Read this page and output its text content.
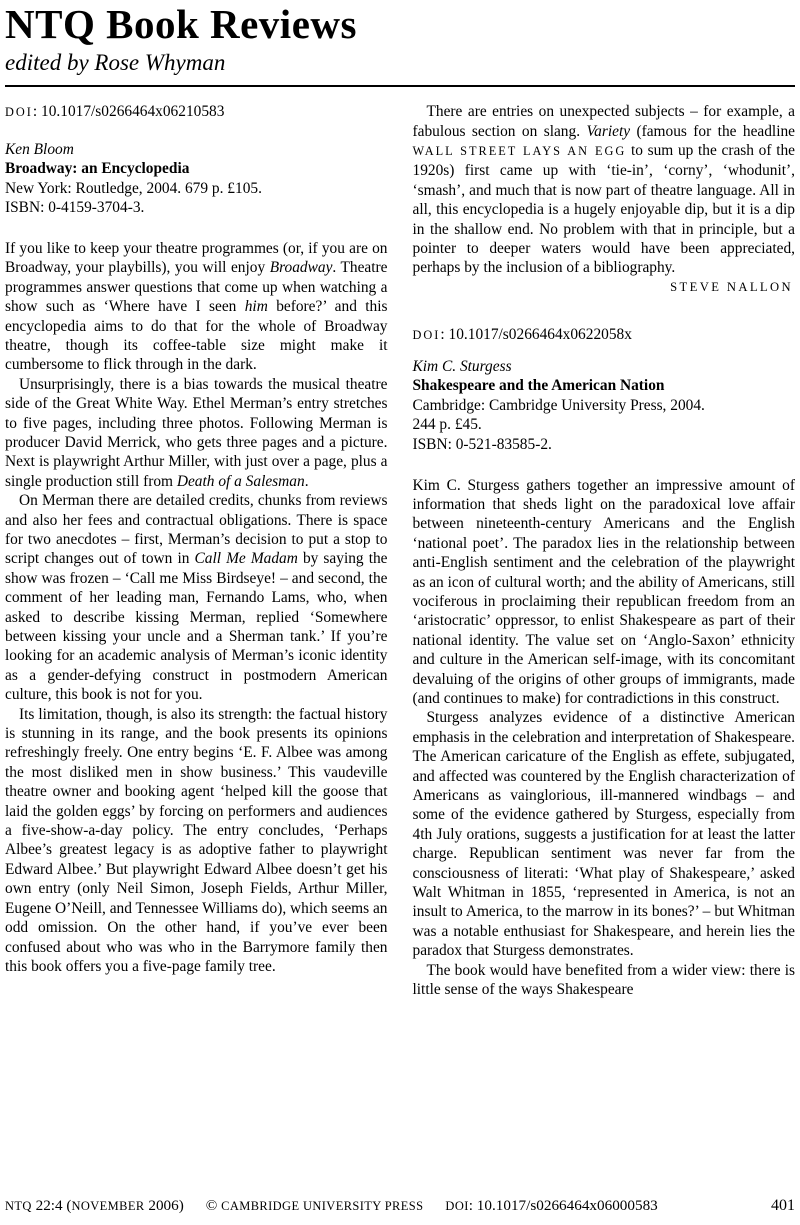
NTQ Book Reviews
edited by Rose Whyman
DOI: 10.1017/s0266464x06210583
Ken Bloom
Broadway: an Encyclopedia
New York: Routledge, 2004. 679 p. £105.
ISBN: 0-4159-3704-3.

If you like to keep your theatre programmes (or, if you are on Broadway, your playbills), you will enjoy Broadway. Theatre programmes answer questions that come up when watching a show such as ‘Where have I seen him before?’ and this encyclopedia aims to do that for the whole of Broadway theatre, though its coffee-table size might make it cumbersome to flick through in the dark.

Unsurprisingly, there is a bias towards the musical theatre side of the Great White Way. Ethel Merman’s entry stretches to five pages, including three photos. Following Merman is producer David Merrick, who gets three pages and a picture. Next is playwright Arthur Miller, with just over a page, plus a single production still from Death of a Salesman.

On Merman there are detailed credits, chunks from reviews and also her fees and contractual obligations. There is space for two anecdotes – first, Merman’s decision to put a stop to script changes out of town in Call Me Madam by saying the show was frozen – ‘Call me Miss Birdseye! – and second, the comment of her leading man, Fernando Lams, who, when asked to describe kissing Merman, replied ‘Somewhere between kissing your uncle and a Sherman tank.’ If you’re looking for an academic analysis of Merman’s iconic identity as a gender-defying construct in postmodern American culture, this book is not for you.

Its limitation, though, is also its strength: the factual history is stunning in its range, and the book presents its opinions refreshingly freely. One entry begins ‘E. F. Albee was among the most disliked men in show business.’ This vaudeville theatre owner and booking agent ‘helped kill the goose that laid the golden eggs’ by forcing on performers and audiences a five-show-a-day policy. The entry concludes, ‘Perhaps Albee’s greatest legacy is as adoptive father to playwright Edward Albee.’ But playwright Edward Albee doesn’t get his own entry (only Neil Simon, Joseph Fields, Arthur Miller, Eugene O’Neill, and Tennessee Williams do), which seems an odd omission. On the other hand, if you’ve ever been confused about who was who in the Barrymore family then this book offers you a five-page family tree.

There are entries on unexpected subjects – for example, a fabulous section on slang. Variety (famous for the headline WALL STREET LAYS AN EGG to sum up the crash of the 1920s) first came up with ‘tie-in’, ‘corny’, ‘whodunit’, ‘smash’, and much that is now part of theatre language. All in all, this encyclopedia is a hugely enjoyable dip, but it is a dip in the shallow end. No problem with that in principle, but a pointer to deeper waters would have been appreciated, perhaps by the inclusion of a bibliography.

STEVE NALLON
DOI: 10.1017/s0266464x0622058x
Kim C. Sturgess
Shakespeare and the American Nation
Cambridge: Cambridge University Press, 2004.
244 p. £45.
ISBN: 0-521-83585-2.

Kim C. Sturgess gathers together an impressive amount of information that sheds light on the paradoxical love affair between nineteenth-century Americans and the English ‘national poet’. The paradox lies in the relationship between anti-English sentiment and the celebration of the playwright as an icon of cultural worth; and the ability of Americans, still vociferous in proclaiming their republican freedom from an ‘aristocratic’ oppressor, to enlist Shakespeare as part of their national identity. The value set on ‘Anglo-Saxon’ ethnicity and culture in the American self-image, with its concomitant devaluing of the origins of other groups of immigrants, made (and continues to make) for contradictions in this construct.

Sturgess analyzes evidence of a distinctive American emphasis in the celebration and interpretation of Shakespeare. The American caricature of the English as effete, subjugated, and affected was countered by the English characterization of Americans as vainglorious, ill-mannered windbags – and some of the evidence gathered by Sturgess, especially from 4th July orations, suggests a justification for at least the latter charge. Republican sentiment was never far from the consciousness of literati: ‘What play of Shakespeare,’ asked Walt Whitman in 1855, ‘represented in America, is not an insult to America, to the marrow in its bones?’ – but Whitman was a notable enthusiast for Shakespeare, and herein lies the paradox that Sturgess demonstrates.

The book would have benefited from a wider view: there is little sense of the ways Shakespeare

NTQ 22:4 (NOVEMBER 2006) © CAMBRIDGE UNIVERSITY PRESS DOI: 10.1017/s0266464x06000583	401
